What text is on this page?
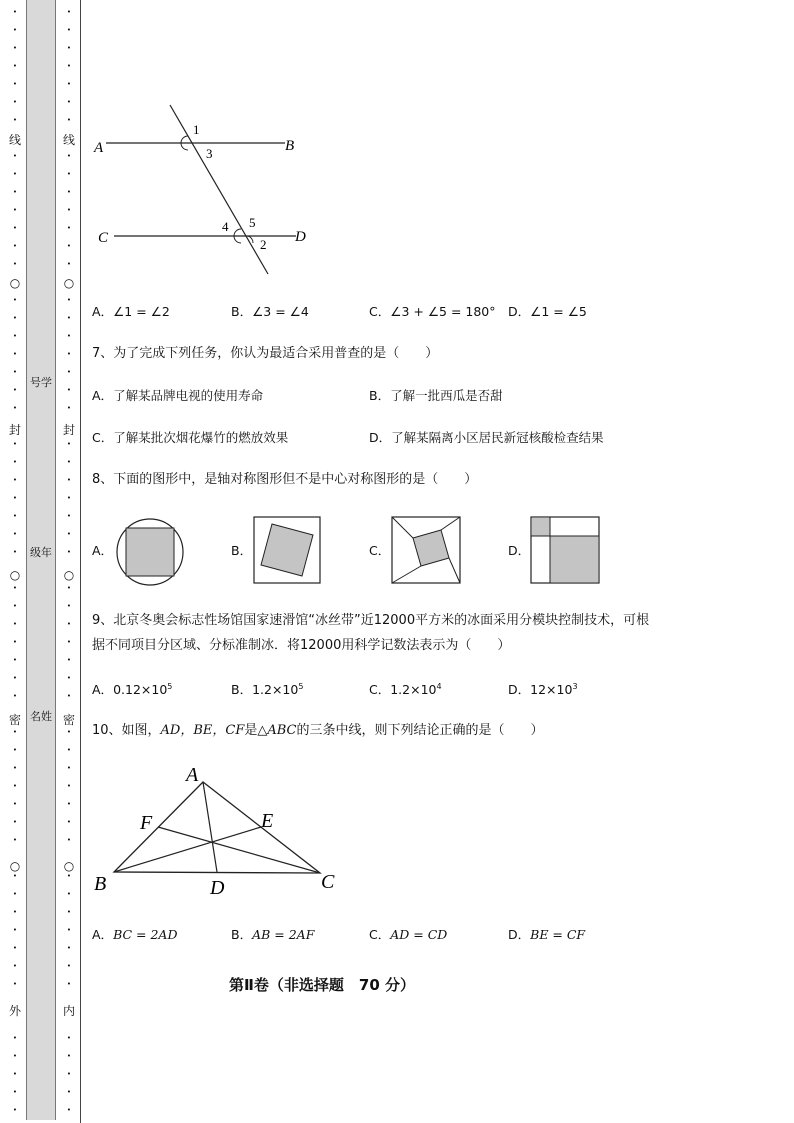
•
•
•
•
•
•
•
线
•
•
•
•
•
•
•
○
•
•
•
•
•
•
•
封
•
•
•
•
•
•
•
○
•
•
•
•
•
•
•
密
•
•
•
•
•
•
•
○
•
•
•
•
•
•
•
外
•
•
•
•
•
•
•
•
•
•
•
•
线
•
•
•
•
•
•
•
○
•
•
•
•
•
•
•
封
•
•
•
•
•
•
•
○
•
•
•
•
•
•
•
密
•
•
•
•
•
•
•
○
•
•
•
•
•
•
•
内
•
•
•
•
•
号学
级年
名姓
A	B
C	D
1
3
4 5
2
A．∠1 = ∠2	B．∠3 = ∠4	C．∠3 + ∠5 = 180° D．∠1 = ∠5
7、为了完成下列任务，你认为最适合采用普查的是（　　）
A．了解某品牌电视的使用寿命	B．了解一批西瓜是否甜
C．了解某批次烟花爆竹的燃放效果	D．了解某隔离小区居民新冠核酸检查结果
8、下面的图形中，是轴对称图形但不是中心对称图形的是（　　）
A．	B．	C．	D．
9、北京冬奥会标志性场馆国家速滑馆“冰丝带”近12000平方米的冰面采用分模块控制技术，可根
据不同项目分区域、分标准制冰．将12000用科学记数法表示为（　　）
A．$0.12\times 10^5$	B．$1.2\times 10^5$	C．$1.2\times 10^4$	D．$12\times 10^3$
10、如图，AD，BE，CF是△ABC的三条中线，则下列结论正确的是（　　）
A
B	C
D
E
F
A．BC = 2AD	B．AB = 2AF	C．AD = CD	D．BE = CF
第Ⅱ卷（非选择题　70 分）
